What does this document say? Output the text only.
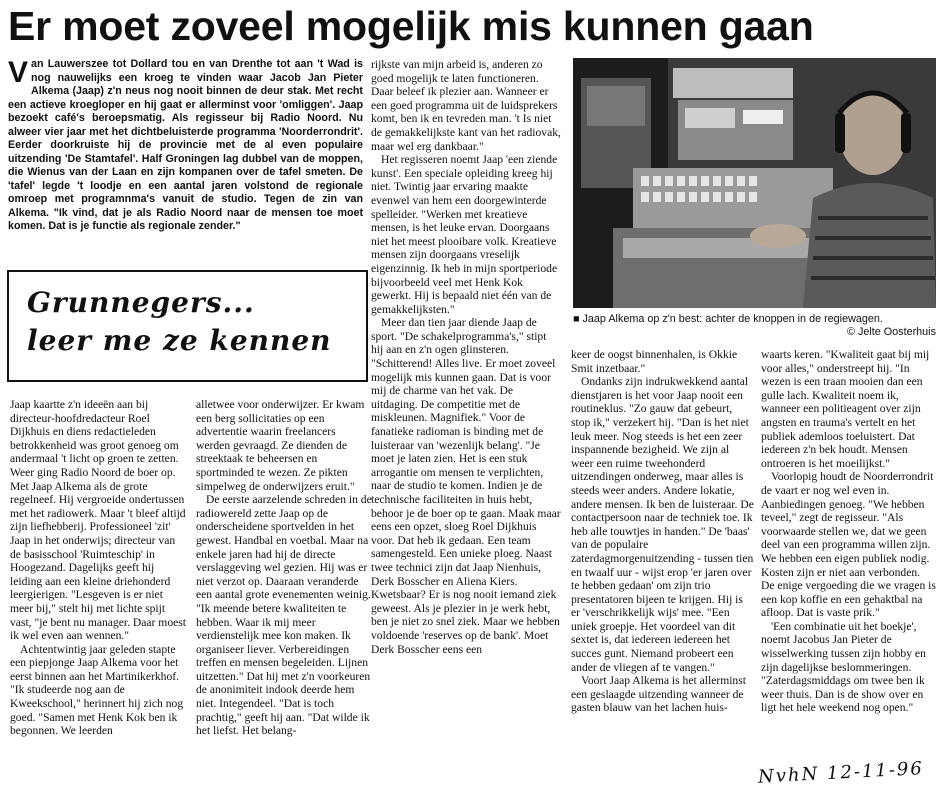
Er moet zoveel mogelijk mis kunnen gaan

Van Lauwerszee tot Dollard tou en van Drenthe tot aan 't Wad is nog nauwelijks een kroeg te vinden waar Jacob Jan Pieter Alkema (Jaap) z'n neus nog nooit binnen de deur stak. Met recht een actieve kroegloper en hij gaat er allerminst voor 'omliggen'. Jaap bezoekt café's beroepsmatig. Als regisseur bij Radio Noord. Nu alweer vier jaar met het dichtbeluisterde programma 'Noorderrondrit'. Eerder doorkruiste hij de provincie met de al even populaire uitzending 'De Stamtafel'. Half Groningen lag dubbel van de moppen, die Wienus van der Laan en zijn kompanen over de tafel smeten. De 'tafel' legde 't loodje en een aantal jaren volstond de regionale omroep met programnma's vanuit de studio. Tegen de zin van Alkema. "Ik vind, dat je als Radio Noord naar de mensen toe moet komen. Dat is je functie als regionale zender."

Grunnegers...
leer me ze kennen
■ Jaap Alkema op z'n best: achter de knoppen in de regiewagen.
© Jelte Oosterhuis

Jaap kaartte z'n ideeën aan bij directeur-hoofdredacteur Roel Dijkhuis en diens redactieleden betrokkenheid was groot genoeg om andermaal 't licht op groen te zetten. Weer ging Radio Noord de boer op. Met Jaap Alkema als de grote regelneef. Hij vergroeide ondertussen met het radiowerk. Maar 't bleef altijd zijn liefhebberij. Professioneel 'zit' Jaap in het onderwijs; directeur van de basisschool 'Ruimteschip' in Hoogezand. Dageliįks geeft hij leiding aan een kleine driehonderd leergierigen. "Lesgeven is er niet meer bij," stelt hij met lichte spijt vast, "je bent nu manager. Daar moest ik wel even aan wennen."

Achtentwintig jaar geleden stapte een piepjonge Jaap Alkema voor het eerst binnen aan het Martinikerkhof. "Ik studeerde nog aan de Kweekschool," herinnert hij zich nog goed. "Samen met Henk Kok ben ik begonnen. We leerden

alletwee voor onderwijzer. Er kwam een berg sollicitaties op een advertentie waarin freelancers werden gevraagd. Ze dienden de streektaak te beheersen en sportminded te wezen. Ze pikten simpelweg de onderwijzers eruit."

De eerste aarzelende schreden in de radiowereld zette Jaap op de onderscheidene sportvelden in het gewest. Handbal en voetbal. Maar na enkele jaren had hij de directe verslaggeving wel gezien. Hij was er niet verzot op. Daaraan veranderde een aantal grote evenementen weinig. "Ik meende betere kwaliteiten te hebben. Waar ik mij meer verdienstelijk mee kon maken. Ik organiseer liever. Verbereidingen treffen en mensen begeleiden. Lijnen uitzetten." Dat hij met z'n voorkeuren de anonimiteit indook deerde hem niet. Integendeel. "Dat is toch prachtig," geeft hij aan. "Dat wilde ik het liefst. Het belang-

rijkste van mijn arbeid is, anderen zo goed mogelijk te laten functioneren. Daar beleef ik plezier aan. Wanneer er een goed programma uit de luidsprekers komt, ben ik en tevreden man. 't Is niet de gemakkelijkste kant van het radiovak, maar wel erg dankbaar."

Het regisseren noemt Jaap 'een ziende kunst'. Een speciale opleiding kreeg hij niet. Twintig jaar ervaring maakte evenwel van hem een doorgewinterde spelleider. "Werken met kreatieve mensen, is het leuke ervan. Doorgaans niet het meest plooibare volk. Kreatieve mensen zijn doorgaans vreselijk eigenzinnig. Ik heb in mijn sportperiode bijvoorbeeld veel met Henk Kok gewerkt. Hij is bepaald niet één van de gemakkelijksten."

Meer dan tien jaar diende Jaap de sport. "De schakelprogramma's," stipt hij aan en z'n ogen glinsteren. "Schitterend! Alles live. Er moet zoveel mogelijk mis kunnen gaan. Dat is voor mij de charme van het vak. De uitdaging. De competitie met de miskleunen. Magnifiek." Voor de fanatieke radioman is binding met de luisteraar van 'wezenlijk belang'. "Je moet je laten zien. Het is een stuk arrogantie om mensen te verplichten, naar de studio te komen. Indien je de technische faciliteiten in huis hebt, behoor je de boer op te gaan. Maak maar eens een opzet, sloeg Roel Dijkhuis voor. Dat heb ik gedaan. Een team samengesteld. Een unieke ploeg. Naast twee technici zijn dat Jaap Nienhuis, Derk Bosscher en Aliena Kiers. Kwetsbaar? Er is nog nooit iemand ziek geweest. Als je plezier in je werk hebt, ben je niet zo snel ziek. Maar we hebben voldoende 'reserves op de bank'. Moet Derk Bosscher eens een

keer de oogst binnenhalen, is Okkie Smit inzetbaar."

Ondanks zijn indrukwekkend aantal dienstjaren is het voor Jaap nooit een routineklus. "Zo gauw dat gebeurt, stop ik," verzekert hij. "Dan is het niet leuk meer. Nog steeds is het een zeer inspannende bezigheid. We zijn al weer een ruime tweehonderd uitzendingen onderweg, maar alles is steeds weer anders. Andere lokatie, andere mensen. Ik ben de luisteraar. De contactpersoon naar de techniek toe. Ik heb alle touwtjes in handen." De 'baas' van de populaire zaterdagmorgenuitzending - tussen tien en twaalf uur - wijst erop 'er jaren over te hebben gedaan' om zijn trio presentatoren bijeen te krijgen. Hij is er 'verschrikkelijk wijs' mee. "Een uniek groepje. Het voordeel van dit sextet is, dat iedereen iedereen het succes gunt. Niemand probeert een ander de vliegen af te vangen."

Voort Jaap Alkema is het allerminst een geslaagde uitzending wanneer de gasten blauw van het lachen huis-

waarts keren. "Kwaliteit gaat bij mij voor alles," onderstreept hij. "In wezen is een traan mooien dan een gulle lach. Kwaliteit noem ik, wanneer een politieagent over zijn angsten en trauma's vertelt en het publiek ademloos toeluistert. Dat iedereen z'n bek houdt. Mensen ontroeren is het moeilijkst."

Voorlopig houdt de Noorderrondrit de vaart er nog wel even in. Aanbiedingen genoeg. "We hebben teveel," zegt de regisseur. "Als voorwaarde stellen we, dat we geen deel van een programma willen zijn. We hebben een eigen publiek nodig. Kosten zijn er niet aan verbonden. De enige vergoeding die we vragen is een kop koffie en een gehaktbal na afloop. Dat is vaste prik."

'Een combinatie uit het boekje', noemt Jacobus Jan Pieter de wisselwerking tussen zijn hobby en zijn dagelijkse beslommeringen. "Zaterdagsmiddags om twee ben ik weer thuis. Dan is de show over en ligt het hele weekend nog open."

NvhN 12-11-96
